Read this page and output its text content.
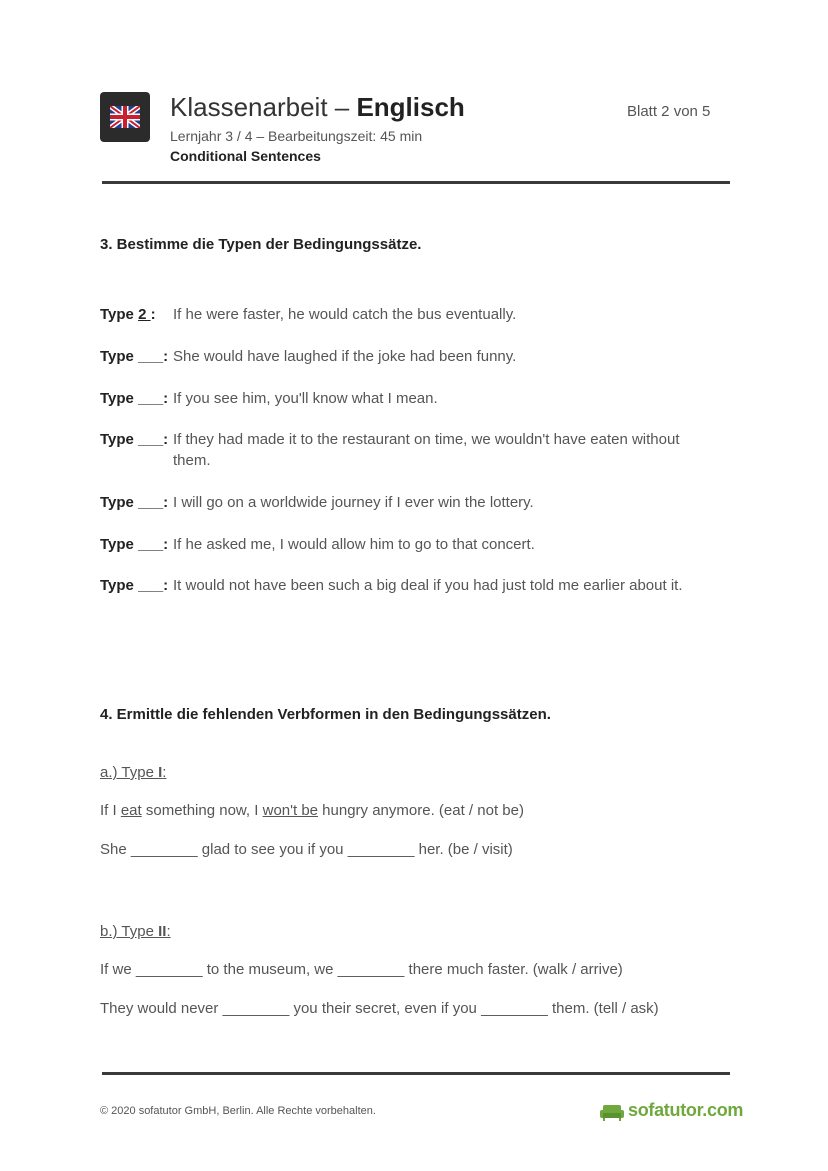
Klassenarbeit – Englisch
Lernjahr 3 / 4 – Bearbeitungszeit: 45 min
Conditional Sentences
Blatt 2 von 5
3. Bestimme die Typen der Bedingungssätze.
Type 2 : If he were faster, he would catch the bus eventually.
Type ___: She would have laughed if the joke had been funny.
Type ___: If you see him, you'll know what I mean.
Type ___: If they had made it to the restaurant on time, we wouldn't have eaten without them.
Type ___: I will go on a worldwide journey if I ever win the lottery.
Type ___: If he asked me, I would allow him to go to that concert.
Type ___: It would not have been such a big deal if you had just told me earlier about it.
4. Ermittle die fehlenden Verbformen in den Bedingungssätzen.
a.) Type I:
If I eat something now, I won't be hungry anymore. (eat / not be)
She ________ glad to see you if you ________ her. (be / visit)
b.) Type II:
If we ________ to the museum, we ________ there much faster. (walk / arrive)
They would never ________ you their secret, even if you ________ them. (tell / ask)
© 2020 sofatutor GmbH, Berlin. Alle Rechte vorbehalten.	sofatutor.com
